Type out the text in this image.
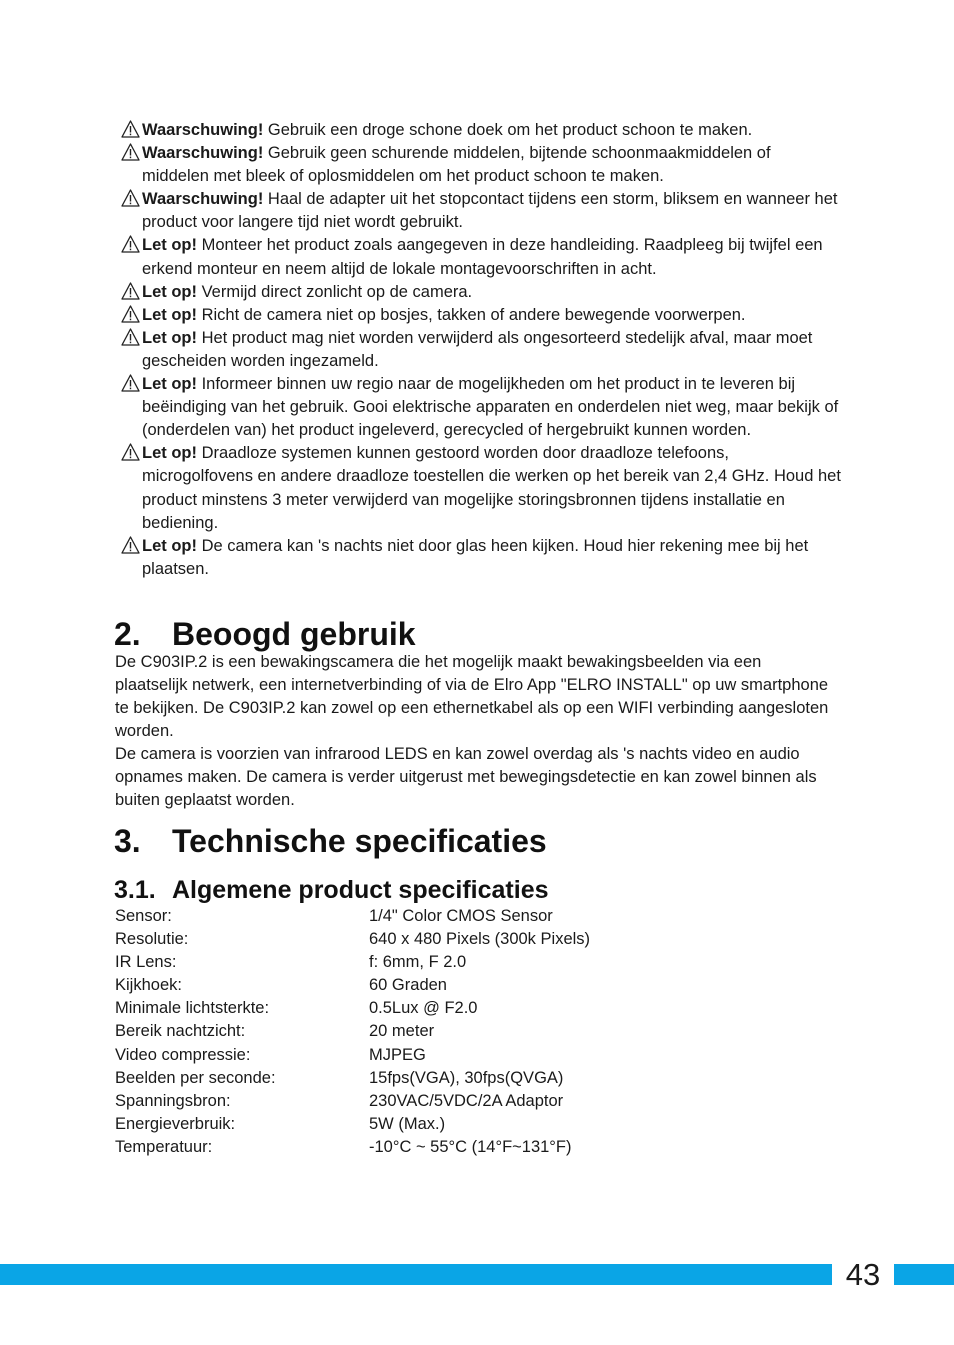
Waarschuwing! Gebruik een droge schone doek om het product schoon te maken.
Waarschuwing! Gebruik geen schurende middelen, bijtende schoonmaakmiddelen of middelen met bleek of oplosmiddelen om het product schoon te maken.
Waarschuwing! Haal de adapter uit het stopcontact tijdens een storm, bliksem en wanneer het product voor langere tijd niet wordt gebruikt.
Let op! Monteer het product zoals aangegeven in deze handleiding. Raadpleeg bij twijfel een erkend monteur en neem altijd de lokale montagevoorschriften in acht.
Let op! Vermijd direct zonlicht op de camera.
Let op! Richt de camera niet op bosjes, takken of andere bewegende voorwerpen.
Let op! Het product mag niet worden verwijderd als ongesorteerd stedelijk afval, maar moet gescheiden worden ingezameld.
Let op! Informeer binnen uw regio naar de mogelijkheden om het product in te leveren bij beëindiging van het gebruik. Gooi elektrische apparaten en onderdelen niet weg, maar bekijk of (onderdelen van) het product ingeleverd, gerecycled of hergebruikt kunnen worden.
Let op! Draadloze systemen kunnen gestoord worden door draadloze telefoons, microgolfovens en andere draadloze toestellen die werken op het bereik van 2,4 GHz. Houd het product minstens 3 meter verwijderd van mogelijke storingsbronnen tijdens installatie en bediening.
Let op! De camera kan 's nachts niet door glas heen kijken. Houd hier rekening mee bij het plaatsen.
2. Beoogd gebruik

De C903IP.2 is een bewakingscamera die het mogelijk maakt bewakingsbeelden via een plaatselijk netwerk, een internetverbinding of via de Elro App "ELRO INSTALL" op uw smartphone te bekijken. De C903IP.2 kan zowel op een ethernetkabel als op een WIFI verbinding aangesloten worden.

De camera is voorzien van infrarood LEDS en kan zowel overdag als 's nachts video en audio opnames maken. De camera is verder uitgerust met bewegingsdetectie en kan zowel binnen als buiten geplaatst worden.

3. Technische specificaties
3.1. Algemene product specificaties
Sensor:	1/4" Color CMOS Sensor
Resolutie:	640 x 480 Pixels (300k Pixels)
IR Lens:	f: 6mm, F 2.0
Kijkhoek:	60 Graden
Minimale lichtsterkte:	0.5Lux @ F2.0
Bereik nachtzicht:	20 meter
Video compressie:	MJPEG
Beelden per seconde:	15fps(VGA), 30fps(QVGA)
Spanningsbron:	230VAC/5VDC/2A Adaptor
Energieverbruik:	5W (Max.)
Temperatuur:	-10°C ~ 55°C (14°F~131°F)
43
